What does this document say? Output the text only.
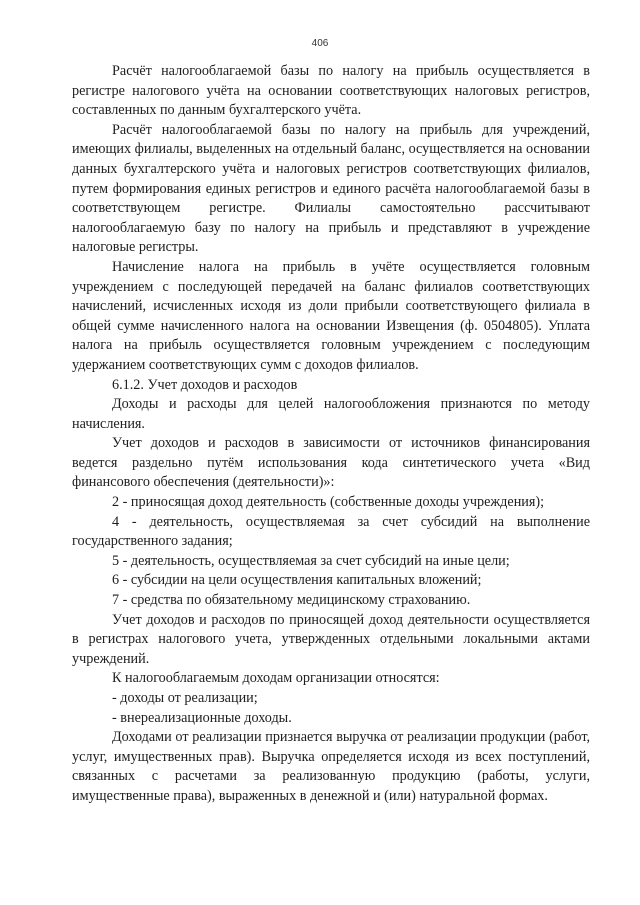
406

Расчёт налогооблагаемой базы по налогу на прибыль осуществляется в регистре налогового учёта на основании соответствующих налоговых регистров, составленных по данным бухгалтерского учёта.

Расчёт налогооблагаемой базы по налогу на прибыль для учреждений, имеющих филиалы, выделенных на отдельный баланс, осуществляется на основании данных бухгалтерского учёта и налоговых регистров соответствующих филиалов, путем формирования единых регистров и единого расчёта налогооблагаемой базы в соответствующем регистре. Филиалы самостоятельно рассчитывают налогооблагаемую базу по налогу на прибыль и представляют в учреждение налоговые регистры.

Начисление налога на прибыль в учёте осуществляется головным учреждением с последующей передачей на баланс филиалов соответствующих начислений, исчисленных исходя из доли прибыли соответствующего филиала в общей сумме начисленного налога на основании Извещения (ф. 0504805). Уплата налога на прибыль осуществляется головным учреждением с последующим удержанием соответствующих сумм с доходов филиалов.

6.1.2. Учет доходов и расходов

Доходы и расходы для целей налогообложения признаются по методу начисления.

Учет доходов и расходов в зависимости от источников финансирования ведется раздельно путём использования кода синтетического учета «Вид финансового обеспечения (деятельности)»:

2 - приносящая доход деятельность (собственные доходы учреждения);

4 - деятельность, осуществляемая за счет субсидий на выполнение государственного задания;

5 - деятельность, осуществляемая за счет субсидий на иные цели;

6 - субсидии на цели осуществления капитальных вложений;

7 - средства по обязательному медицинскому страхованию.

Учет доходов и расходов по приносящей доход деятельности осуществляется в регистрах налогового учета, утвержденных отдельными локальными актами учреждений.

К налогооблагаемым доходам организации относятся:

- доходы от реализации;

- внереализационные доходы.

Доходами от реализации признается выручка от реализации продукции (работ, услуг, имущественных прав). Выручка определяется исходя из всех поступлений, связанных с расчетами за реализованную продукцию (работы, услуги, имущественные права), выраженных в денежной и (или) натуральной формах.
